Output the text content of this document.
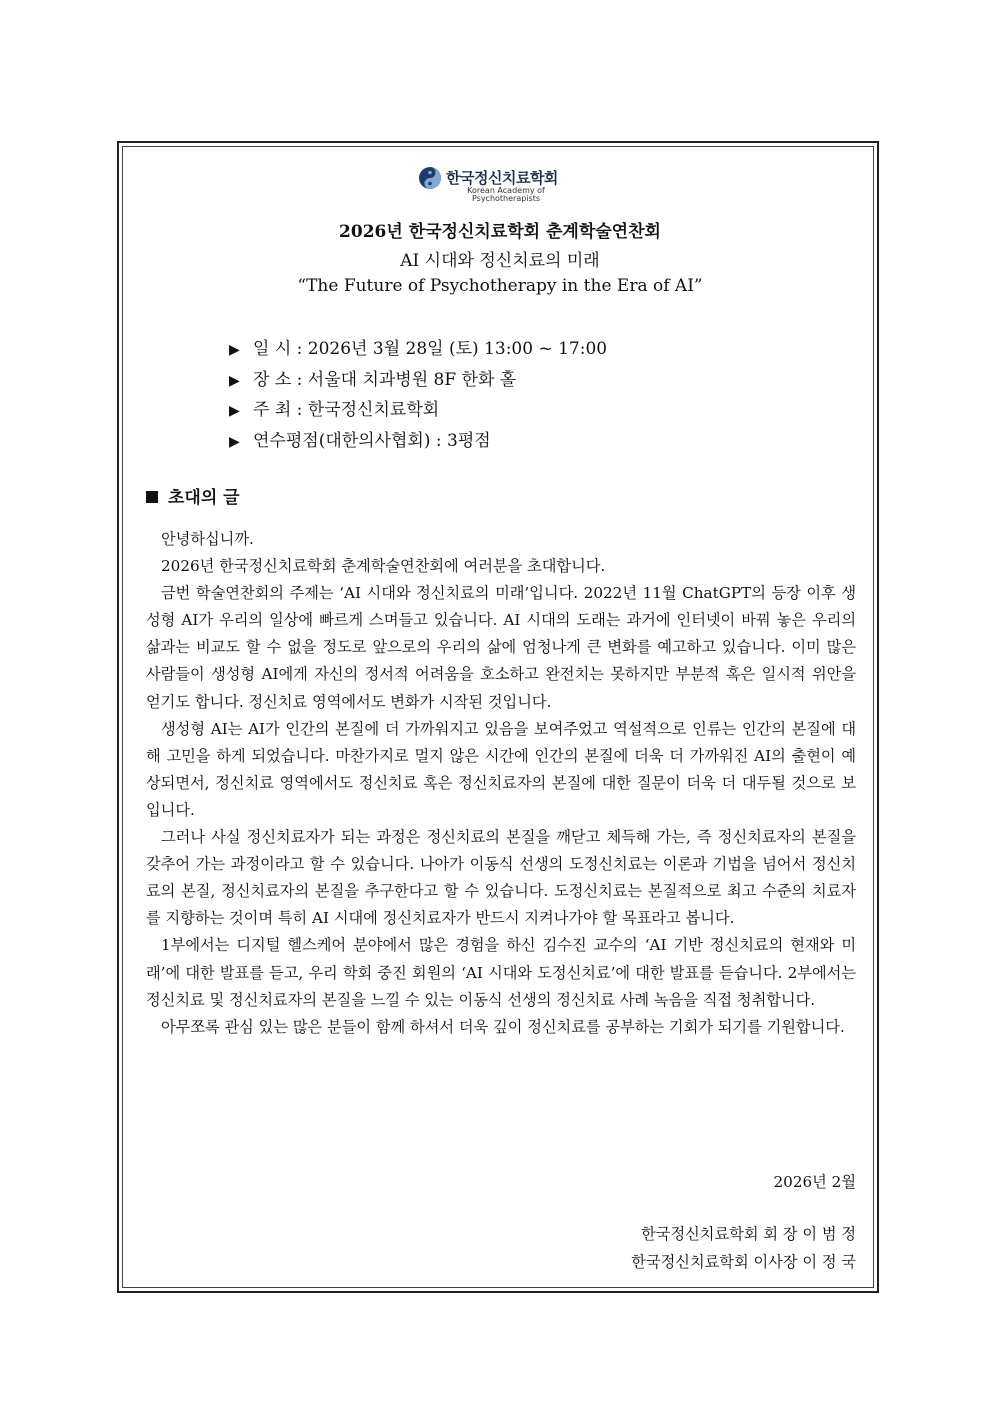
한국정신치료학회
Korean Academy of
Psychotherapists
2026년 한국정신치료학회 춘계학술연찬회
AI 시대와 정신치료의 미래
“The Future of Psychotherapy in the Era of AI”
▶ 일 시 : 2026년 3월 28일 (토) 13:00 ~ 17:00
▶ 장 소 : 서울대 치과병원 8F 한화 홀
▶ 주 최 : 한국정신치료학회
▶ 연수평점(대한의사협회) : 3평점
초대의 글

안녕하십니까.

2026년 한국정신치료학회 춘계학술연찬회에 여러분을 초대합니다.

금번 학술연찬회의 주제는 ‘AI 시대와 정신치료의 미래’입니다. 2022년 11월 ChatGPT의 등장 이후 생성형 AI가 우리의 일상에 빠르게 스며들고 있습니다. AI 시대의 도래는 과거에 인터넷이 바꿔 놓은 우리의 삶과는 비교도 할 수 없을 정도로 앞으로의 우리의 삶에 엄청나게 큰 변화를 예고하고 있습니다. 이미 많은 사람들이 생성형 AI에게 자신의 정서적 어려움을 호소하고 완전치는 못하지만 부분적 혹은 일시적 위안을 얻기도 합니다. 정신치료 영역에서도 변화가 시작된 것입니다.

생성형 AI는 AI가 인간의 본질에 더 가까워지고 있음을 보여주었고 역설적으로 인류는 인간의 본질에 대해 고민을 하게 되었습니다. 마찬가지로 멀지 않은 시간에 인간의 본질에 더욱 더 가까워진 AI의 출현이 예상되면서, 정신치료 영역에서도 정신치료 혹은 정신치료자의 본질에 대한 질문이 더욱 더 대두될 것으로 보입니다.

그러나 사실 정신치료자가 되는 과정은 정신치료의 본질을 깨닫고 체득해 가는, 즉 정신치료자의 본질을 갖추어 가는 과정이라고 할 수 있습니다. 나아가 이동식 선생의 도정신치료는 이론과 기법을 넘어서 정신치료의 본질, 정신치료자의 본질을 추구한다고 할 수 있습니다. 도정신치료는 본질적으로 최고 수준의 치료자를 지향하는 것이며 특히 AI 시대에 정신치료자가 반드시 지켜나가야 할 목표라고 봅니다.

1부에서는 디지털 헬스케어 분야에서 많은 경험을 하신 김수진 교수의 ‘AI 기반 정신치료의 현재와 미래’에 대한 발표를 듣고, 우리 학회 중진 회원의 ‘AI 시대와 도정신치료’에 대한 발표를 듣습니다. 2부에서는 정신치료 및 정신치료자의 본질을 느낄 수 있는 이동식 선생의 정신치료 사례 녹음을 직접 청취합니다.

아무쪼록 관심 있는 많은 분들이 함께 하셔서 더욱 깊이 정신치료를 공부하는 기회가 되기를 기원합니다.

2026년 2월
한국정신치료학회 회 장 이 범 정
한국정신치료학회 이사장 이 정 국
